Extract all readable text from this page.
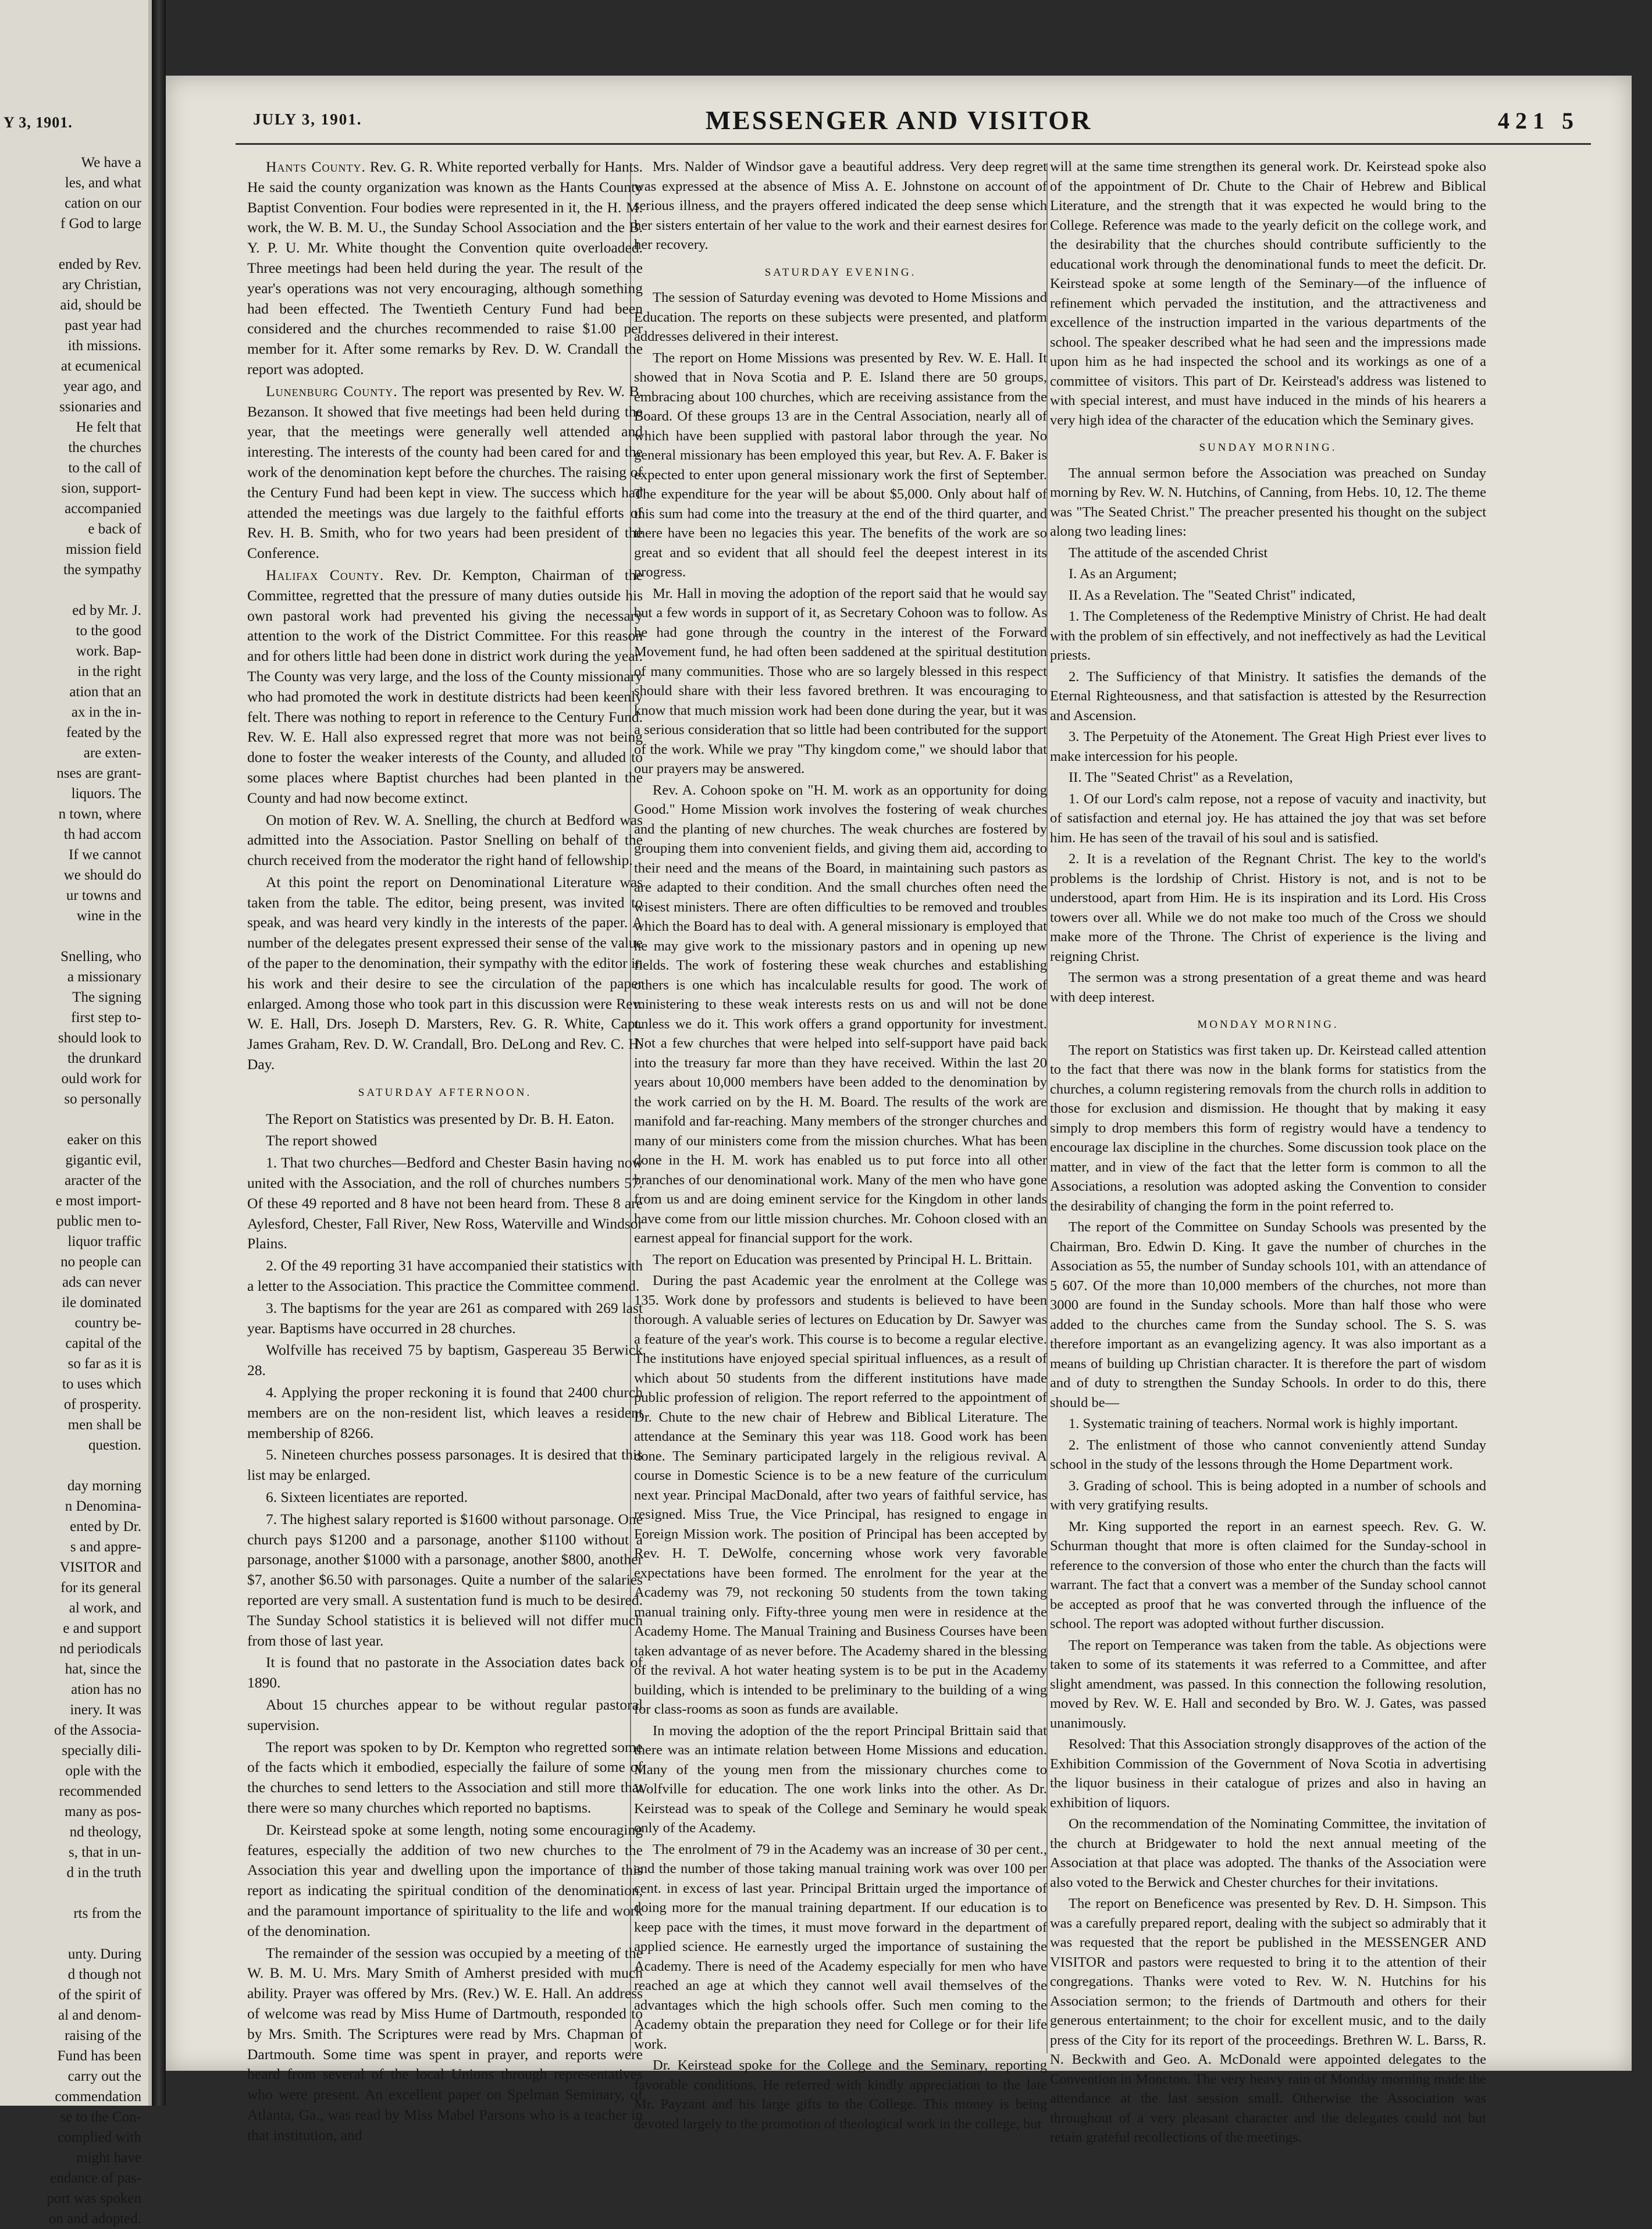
Y 3, 1901.
We have a
les, and what
cation on our
f God to large

ended by Rev.
ary Christian,
aid, should be
past year had
ith missions.
at ecumenical
year ago, and
ssionaries and
He felt that
the churches
to the call of
sion, support-
accompanied
e back of
mission field
the sympathy

ed by Mr. J.
to the good
work. Bap-
in the right
ation that an
ax in the in-
feated by the
are exten-
nses are grant-
liquors. The
n town, where
th had accom
If we cannot
we should do
ur towns and
wine in the

Snelling, who
a missionary
The signing
first step to-
should look to
the drunkard
ould work for
so personally

eaker on this
gigantic evil,
aracter of the
e most import-
public men to-
liquor traffic
no people can
ads can never
ile dominated
country be-
capital of the
so far as it is
to uses which
of prosperity.
men shall be
question.

day morning
n Denomina-
ented by Dr.
s and appre-
VISITOR and
for its general
al work, and
e and support
nd periodicals
hat, since the
ation has no
inery. It was
of the Associa-
specially dili-
ople with the
recommended
many as pos-
nd theology,
s, that in un-
d in the truth

rts from the

unty. During
d though not
of the spirit of
al and denom-
raising of the
Fund has been
carry out the
commendation
se to the Con-
complied with
might have
endance of pas-
port was spoken
on and adopted.
JULY 3, 1901.	MESSENGER AND VISITOR	421 5

Hants County. Rev. G. R. White reported verbally for Hants. He said the county organization was known as the Hants County Baptist Convention. Four bodies were represented in it, the H. M. work, the W. B. M. U., the Sunday School Association and the B. Y. P. U. Mr. White thought the Convention quite overloaded. Three meetings had been held during the year. The result of the year's operations was not very encouraging, although something had been effected. The Twentieth Century Fund had been considered and the churches recommended to raise $1.00 per member for it. After some remarks by Rev. D. W. Crandall the report was adopted.

Lunenburg County. The report was presented by Rev. W. B. Bezanson. It showed that five meetings had been held during the year, that the meetings were generally well attended and interesting. The interests of the county had been cared for and the work of the denomination kept before the churches. The raising of the Century Fund had been kept in view. The success which had attended the meetings was due largely to the faithful efforts of Rev. H. B. Smith, who for two years had been president of the Conference.

Halifax County. Rev. Dr. Kempton, Chairman of the Committee, regretted that the pressure of many duties outside his own pastoral work had prevented his giving the necessary attention to the work of the District Committee. For this reason and for others little had been done in district work during the year. The County was very large, and the loss of the County missionary who had promoted the work in destitute districts had been keenly felt. There was nothing to report in reference to the Century Fund. Rev. W. E. Hall also expressed regret that more was not being done to foster the weaker interests of the County, and alluded to some places where Baptist churches had been planted in the County and had now become extinct.

On motion of Rev. W. A. Snelling, the church at Bedford was admitted into the Association. Pastor Snelling on behalf of the church received from the moderator the right hand of fellowship.

At this point the report on Denominational Literature was taken from the table. The editor, being present, was invited to speak, and was heard very kindly in the interests of the paper. A number of the delegates present expressed their sense of the value of the paper to the denomination, their sympathy with the editor in his work and their desire to see the circulation of the paper enlarged. Among those who took part in this discussion were Rev. W. E. Hall, Drs. Joseph D. Marsters, Rev. G. R. White, Capt. James Graham, Rev. D. W. Crandall, Bro. DeLong and Rev. C. H. Day.

SATURDAY AFTERNOON.

The Report on Statistics was presented by Dr. B. H. Eaton.

The report showed

1. That two churches—Bedford and Chester Basin having now united with the Association, and the roll of churches numbers 57. Of these 49 reported and 8 have not been heard from. These 8 are Aylesford, Chester, Fall River, New Ross, Waterville and Windsor Plains.

2. Of the 49 reporting 31 have accompanied their statistics with a letter to the Association. This practice the Committee commend.

3. The baptisms for the year are 261 as compared with 269 last year. Baptisms have occurred in 28 churches.

Wolfville has received 75 by baptism, Gaspereau 35 Berwick 28.

4. Applying the proper reckoning it is found that 2400 church members are on the non-resident list, which leaves a resident membership of 8266.

5. Nineteen churches possess parsonages. It is desired that this list may be enlarged.

6. Sixteen licentiates are reported.

7. The highest salary reported is $1600 without parsonage. One church pays $1200 and a parsonage, another $1100 without a parsonage, another $1000 with a parsonage, another $800, another $7, another $6.50 with parsonages. Quite a number of the salaries reported are very small. A sustentation fund is much to be desired. The Sunday School statistics it is believed will not differ much from those of last year.

It is found that no pastorate in the Association dates back of 1890.

About 15 churches appear to be without regular pastoral supervision.

The report was spoken to by Dr. Kempton who regretted some of the facts which it embodied, especially the failure of some of the churches to send letters to the Association and still more that there were so many churches which reported no baptisms.

Dr. Keirstead spoke at some length, noting some encouraging features, especially the addition of two new churches to the Association this year and dwelling upon the importance of this report as indicating the spiritual condition of the denomination, and the paramount importance of spirituality to the life and work of the denomination.

The remainder of the session was occupied by a meeting of the W. B. M. U. Mrs. Mary Smith of Amherst presided with much ability. Prayer was offered by Mrs. (Rev.) W. E. Hall. An address of welcome was read by Miss Hume of Dartmouth, responded to by Mrs. Smith. The Scriptures were read by Mrs. Chapman of Dartmouth. Some time was spent in prayer, and reports were heard from several of the local Unions through representatives who were present. An excellent paper on Spelman Seminary, of Atlanta, Ga., was read by Miss Mabel Parsons who is a teacher in that institution, and

Mrs. Nalder of Windsor gave a beautiful address. Very deep regret was expressed at the absence of Miss A. E. Johnstone on account of serious illness, and the prayers offered indicated the deep sense which her sisters entertain of her value to the work and their earnest desires for her recovery.

SATURDAY EVENING.

The session of Saturday evening was devoted to Home Missions and Education. The reports on these subjects were presented, and platform addresses delivered in their interest.

The report on Home Missions was presented by Rev. W. E. Hall. It showed that in Nova Scotia and P. E. Island there are 50 groups, embracing about 100 churches, which are receiving assistance from the Board. Of these groups 13 are in the Central Association, nearly all of which have been supplied with pastoral labor through the year. No general missionary has been employed this year, but Rev. A. F. Baker is expected to enter upon general missionary work the first of September. The expenditure for the year will be about $5,000. Only about half of this sum had come into the treasury at the end of the third quarter, and there have been no legacies this year. The benefits of the work are so great and so evident that all should feel the deepest interest in its progress.

Mr. Hall in moving the adoption of the report said that he would say but a few words in support of it, as Secretary Cohoon was to follow. As he had gone through the country in the interest of the Forward Movement fund, he had often been saddened at the spiritual destitution of many communities. Those who are so largely blessed in this respect should share with their less favored brethren. It was encouraging to know that much mission work had been done during the year, but it was a serious consideration that so little had been contributed for the support of the work. While we pray "Thy kingdom come," we should labor that our prayers may be answered.

Rev. A. Cohoon spoke on "H. M. work as an opportunity for doing Good." Home Mission work involves the fostering of weak churches and the planting of new churches. The weak churches are fostered by grouping them into convenient fields, and giving them aid, according to their need and the means of the Board, in maintaining such pastors as are adapted to their condition. And the small churches often need the wisest ministers. There are often difficulties to be removed and troubles which the Board has to deal with. A general missionary is employed that he may give work to the missionary pastors and in opening up new fields. The work of fostering these weak churches and establishing others is one which has incalculable results for good. The work of ministering to these weak interests rests on us and will not be done unless we do it. This work offers a grand opportunity for investment. Not a few churches that were helped into self-support have paid back into the treasury far more than they have received. Within the last 20 years about 10,000 members have been added to the denomination by the work carried on by the H. M. Board. The results of the work are manifold and far-reaching. Many members of the stronger churches and many of our ministers come from the mission churches. What has been done in the H. M. work has enabled us to put force into all other branches of our denominational work. Many of the men who have gone from us and are doing eminent service for the Kingdom in other lands have come from our little mission churches. Mr. Cohoon closed with an earnest appeal for financial support for the work.

The report on Education was presented by Principal H. L. Brittain.

During the past Academic year the enrolment at the College was 135. Work done by professors and students is believed to have been thorough. A valuable series of lectures on Education by Dr. Sawyer was a feature of the year's work. This course is to become a regular elective. The institutions have enjoyed special spiritual influences, as a result of which about 50 students from the different institutions have made public profession of religion. The report referred to the appointment of Dr. Chute to the new chair of Hebrew and Biblical Literature. The attendance at the Seminary this year was 118. Good work has been done. The Seminary participated largely in the religious revival. A course in Domestic Science is to be a new feature of the curriculum next year. Principal MacDonald, after two years of faithful service, has resigned. Miss True, the Vice Principal, has resigned to engage in Foreign Mission work. The position of Principal has been accepted by Rev. H. T. DeWolfe, concerning whose work very favorable expectations have been formed. The enrolment for the year at the Academy was 79, not reckoning 50 students from the town taking manual training only. Fifty-three young men were in residence at the Academy Home. The Manual Training and Business Courses have been taken advantage of as never before. The Academy shared in the blessing of the revival. A hot water heating system is to be put in the Academy building, which is intended to be preliminary to the building of a wing for class-rooms as soon as funds are available.

In moving the adoption of the the report Principal Brittain said that there was an intimate relation between Home Missions and education. Many of the young men from the missionary churches come to Wolfville for education. The one work links into the other. As Dr. Keirstead was to speak of the College and Seminary he would speak only of the Academy.

The enrolment of 79 in the Academy was an increase of 30 per cent., and the number of those taking manual training work was over 100 per cent. in excess of last year. Principal Brittain urged the importance of doing more for the manual training department. If our education is to keep pace with the times, it must move forward in the department of applied science. He earnestly urged the importance of sustaining the Academy. There is need of the Academy especially for men who have reached an age at which they cannot well avail themselves of the advantages which the high schools offer. Such men coming to the Academy obtain the preparation they need for College or for their life work.

Dr. Keirstead spoke for the College and the Seminary, reporting favorable conditions. He referred with kindly appreciation to the late Mr. Payzant and his large gifts to the College. This money is being devoted largely to the promotion of theological work in the college, but

will at the same time strengthen its general work. Dr. Keirstead spoke also of the appointment of Dr. Chute to the Chair of Hebrew and Biblical Literature, and the strength that it was expected he would bring to the College. Reference was made to the yearly deficit on the college work, and the desirability that the churches should contribute sufficiently to the educational work through the denominational funds to meet the deficit. Dr. Keirstead spoke at some length of the Seminary—of the influence of refinement which pervaded the institution, and the attractiveness and excellence of the instruction imparted in the various departments of the school. The speaker described what he had seen and the impressions made upon him as he had inspected the school and its workings as one of a committee of visitors. This part of Dr. Keirstead's address was listened to with special interest, and must have induced in the minds of his hearers a very high idea of the character of the education which the Seminary gives.

SUNDAY MORNING.

The annual sermon before the Association was preached on Sunday morning by Rev. W. N. Hutchins, of Canning, from Hebs. 10, 12. The theme was "The Seated Christ." The preacher presented his thought on the subject along two leading lines:

The attitude of the ascended Christ

I. As an Argument;

II. As a Revelation. The "Seated Christ" indicated,

1. The Completeness of the Redemptive Ministry of Christ. He had dealt with the problem of sin effectively, and not ineffectively as had the Levitical priests.

2. The Sufficiency of that Ministry. It satisfies the demands of the Eternal Righteousness, and that satisfaction is attested by the Resurrection and Ascension.

3. The Perpetuity of the Atonement. The Great High Priest ever lives to make intercession for his people.

II. The "Seated Christ" as a Revelation,

1. Of our Lord's calm repose, not a repose of vacuity and inactivity, but of satisfaction and eternal joy. He has attained the joy that was set before him. He has seen of the travail of his soul and is satisfied.

2. It is a revelation of the Regnant Christ. The key to the world's problems is the lordship of Christ. History is not, and is not to be understood, apart from Him. He is its inspiration and its Lord. His Cross towers over all. While we do not make too much of the Cross we should make more of the Throne. The Christ of experience is the living and reigning Christ.

The sermon was a strong presentation of a great theme and was heard with deep interest.

MONDAY MORNING.

The report on Statistics was first taken up. Dr. Keirstead called attention to the fact that there was now in the blank forms for statistics from the churches, a column registering removals from the church rolls in addition to those for exclusion and dismission. He thought that by making it easy simply to drop members this form of registry would have a tendency to encourage lax discipline in the churches. Some discussion took place on the matter, and in view of the fact that the letter form is common to all the Associations, a resolution was adopted asking the Convention to consider the desirability of changing the form in the point referred to.

The report of the Committee on Sunday Schools was presented by the Chairman, Bro. Edwin D. King. It gave the number of churches in the Association as 55, the number of Sunday schools 101, with an attendance of 5 607. Of the more than 10,000 members of the churches, not more than 3000 are found in the Sunday schools. More than half those who were added to the churches came from the Sunday school. The S. S. was therefore important as an evangelizing agency. It was also important as a means of building up Christian character. It is therefore the part of wisdom and of duty to strengthen the Sunday Schools. In order to do this, there should be—

1. Systematic training of teachers. Normal work is highly important.

2. The enlistment of those who cannot conveniently attend Sunday school in the study of the lessons through the Home Department work.

3. Grading of school. This is being adopted in a number of schools and with very gratifying results.

Mr. King supported the report in an earnest speech. Rev. G. W. Schurman thought that more is often claimed for the Sunday-school in reference to the conversion of those who enter the church than the facts will warrant. The fact that a convert was a member of the Sunday school cannot be accepted as proof that he was converted through the influence of the school. The report was adopted without further discussion.

The report on Temperance was taken from the table. As objections were taken to some of its statements it was referred to a Committee, and after slight amendment, was passed. In this connection the following resolution, moved by Rev. W. E. Hall and seconded by Bro. W. J. Gates, was passed unanimously.

Resolved: That this Association strongly disapproves of the action of the Exhibition Commission of the Government of Nova Scotia in advertising the liquor business in their catalogue of prizes and also in having an exhibition of liquors.

On the recommendation of the Nominating Committee, the invitation of the church at Bridgewater to hold the next annual meeting of the Association at that place was adopted. The thanks of the Association were also voted to the Berwick and Chester churches for their invitations.

The report on Beneficence was presented by Rev. D. H. Simpson. This was a carefully prepared report, dealing with the subject so admirably that it was requested that the report be published in the MESSENGER AND VISITOR and pastors were requested to bring it to the attention of their congregations. Thanks were voted to Rev. W. N. Hutchins for his Association sermon; to the friends of Dartmouth and others for their generous entertainment; to the choir for excellent music, and to the daily press of the City for its report of the proceedings. Brethren W. L. Barss, R. N. Beckwith and Geo. A. McDonald were appointed delegates to the Convention in Moncton. The very heavy rain of Monday morning made the attendance at the last session small. Otherwise the Association was throughout of a very pleasant character and the delegates could not but retain grateful recollections of the meetings.
